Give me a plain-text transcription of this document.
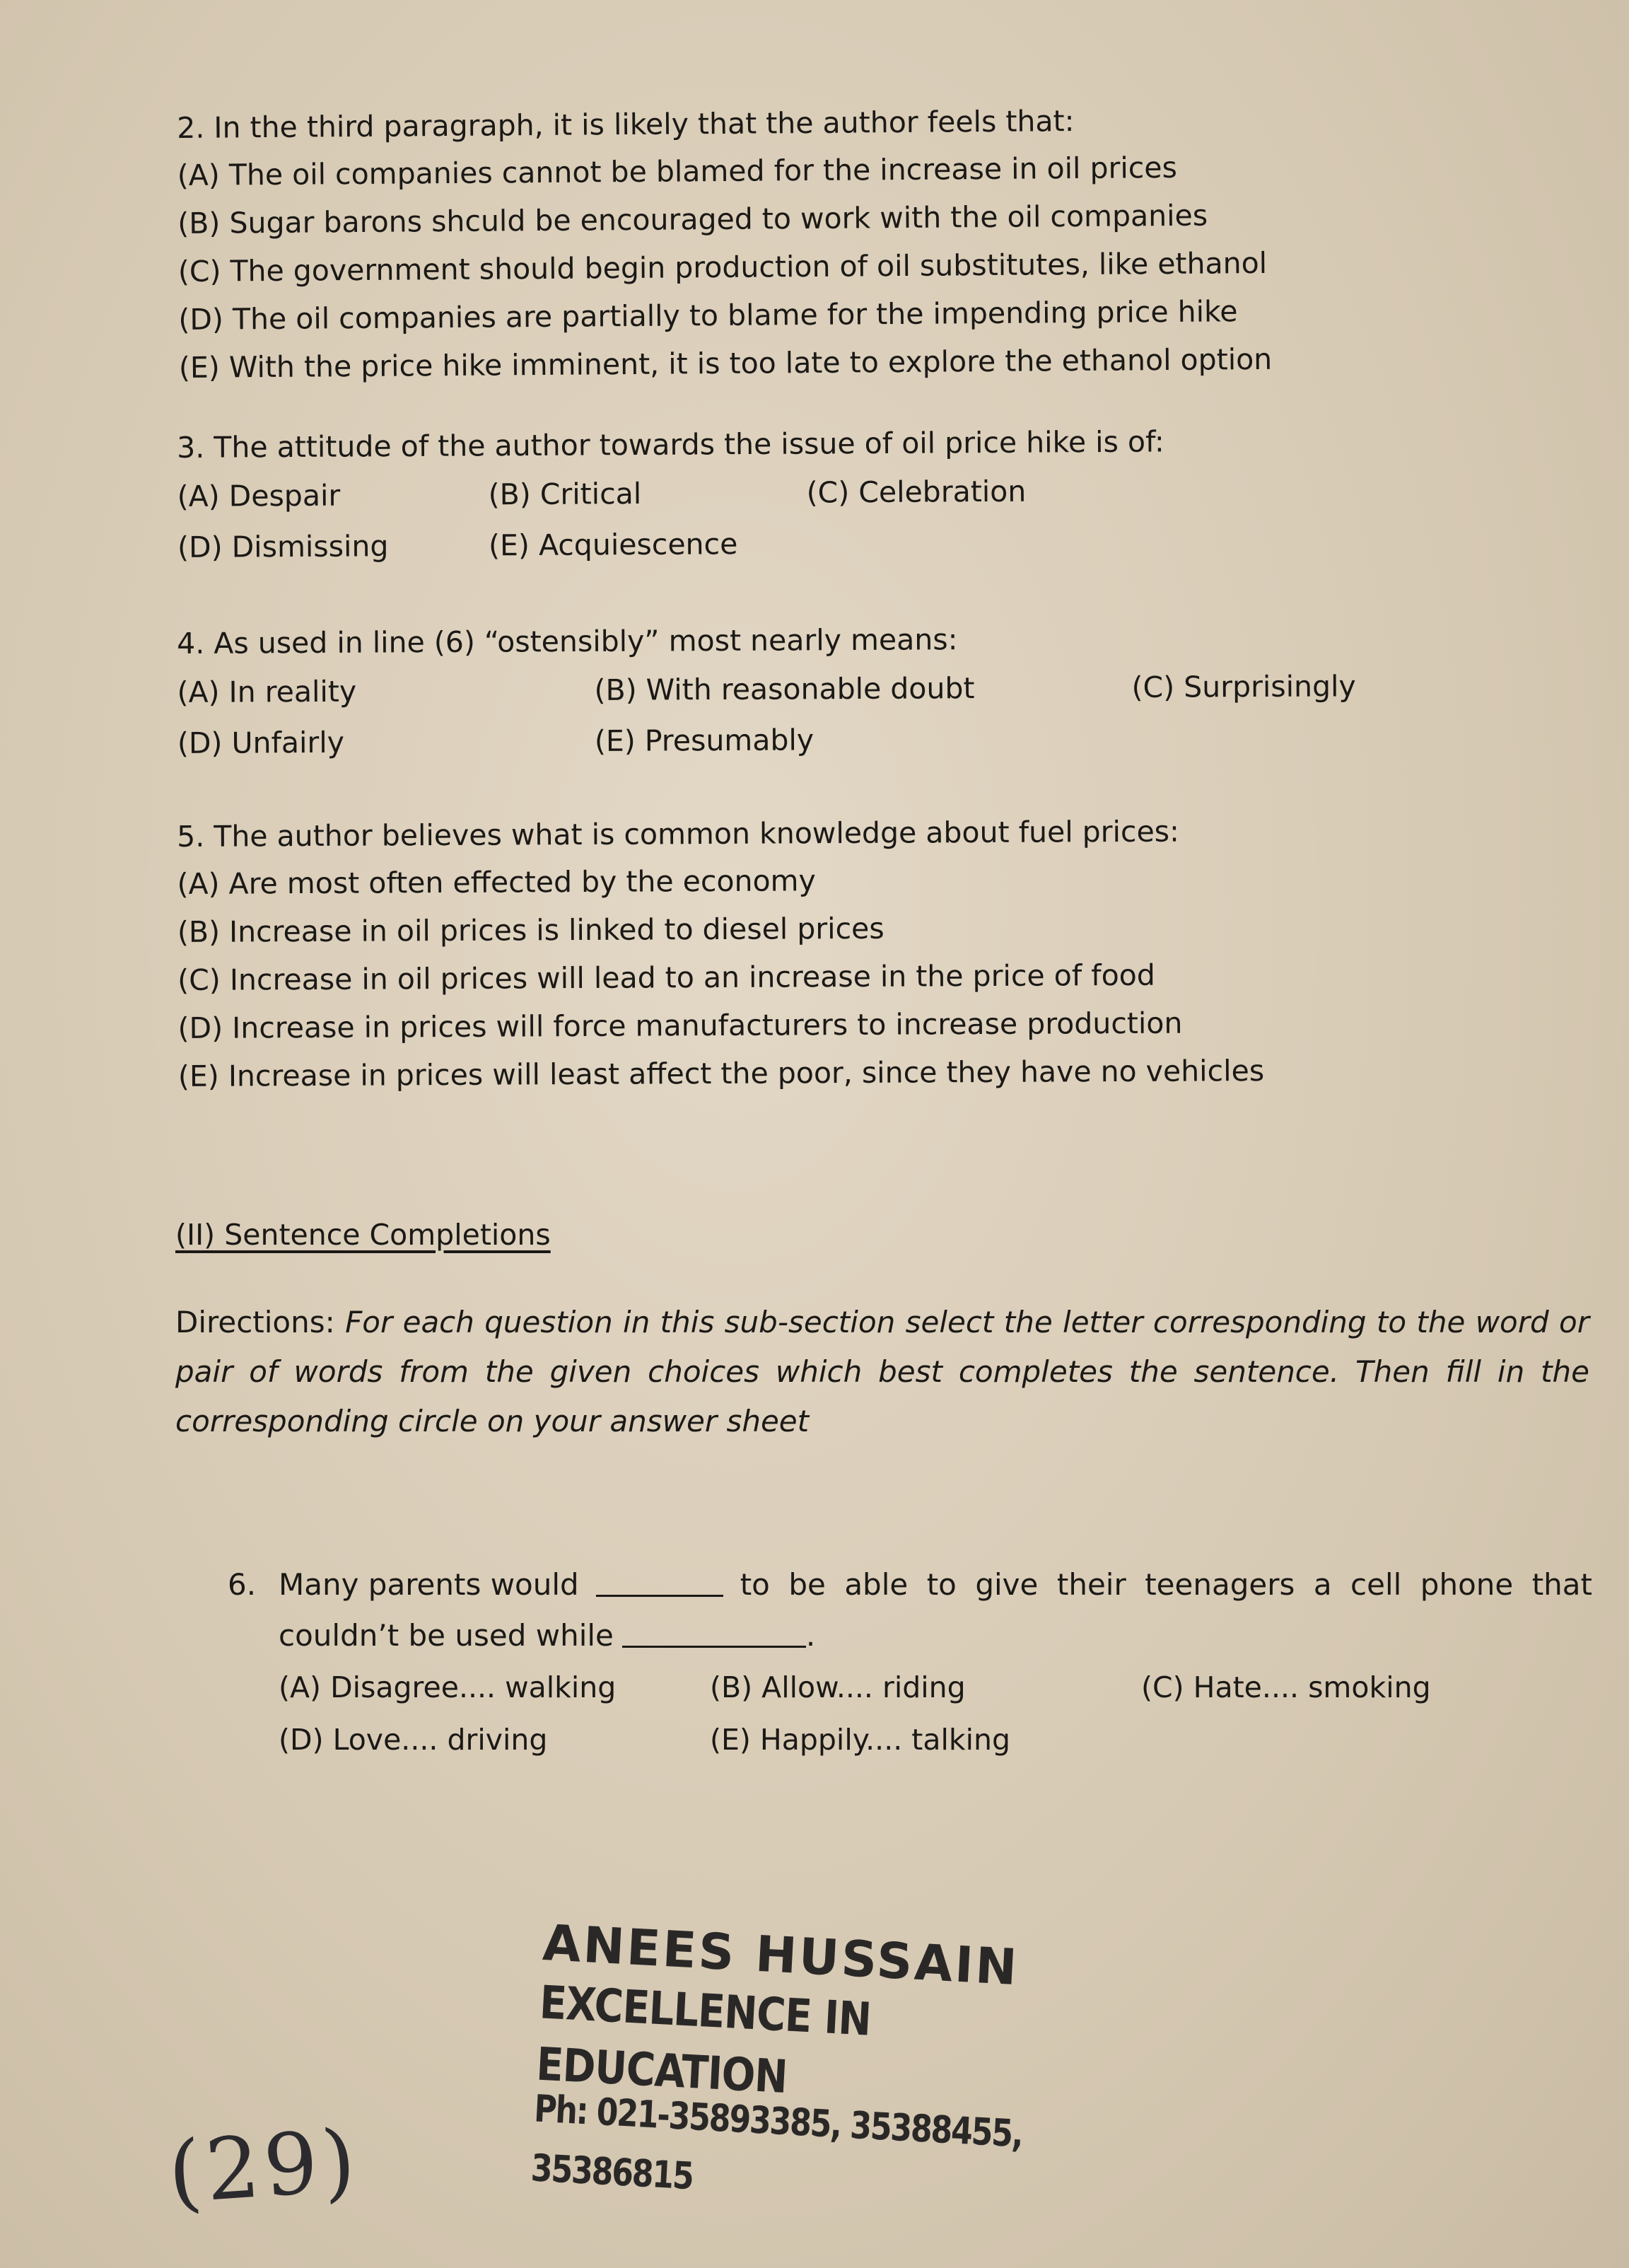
2. In the third paragraph, it is likely that the author feels that:
(A) The oil companies cannot be blamed for the increase in oil prices
(B) Sugar barons shculd be encouraged to work with the oil companies
(C) The government should begin production of oil substitutes, like ethanol
(D) The oil companies are partially to blame for the impending price hike
(E) With the price hike imminent, it is too late to explore the ethanol option
3. The attitude of the author towards the issue of oil price hike is of:
(A) Despair	(B) Critical	(C) Celebration
(D) Dismissing	(E) Acquiescence
4. As used in line (6) “ostensibly” most nearly means:
(A) In reality	(B) With reasonable doubt	(C) Surprisingly
(D) Unfairly	(E) Presumably
5. The author believes what is common knowledge about fuel prices:
(A) Are most often effected by the economy
(B) Increase in oil prices is linked to diesel prices
(C) Increase in oil prices will lead to an increase in the price of food
(D) Increase in prices will force manufacturers to increase production
(E) Increase in prices will least affect the poor, since they have no vehicles
(II) Sentence Completions
Directions: For each question in this sub-section select the letter corresponding to the word or pair of words from the given choices which best completes the sentence. Then fill in the corresponding circle on your answer sheet
6. Many parents would	to be able to give their teenagers a cell phone that
couldn’t be used while	.
(A) Disagree.... walking	(B) Allow.... riding	(C) Hate.... smoking
(D) Love.... driving	(E) Happily.... talking
ANEES HUSSAIN
EXCELLENCE IN EDUCATION
Ph: 021-35893385, 35388455, 35386815
(29)
